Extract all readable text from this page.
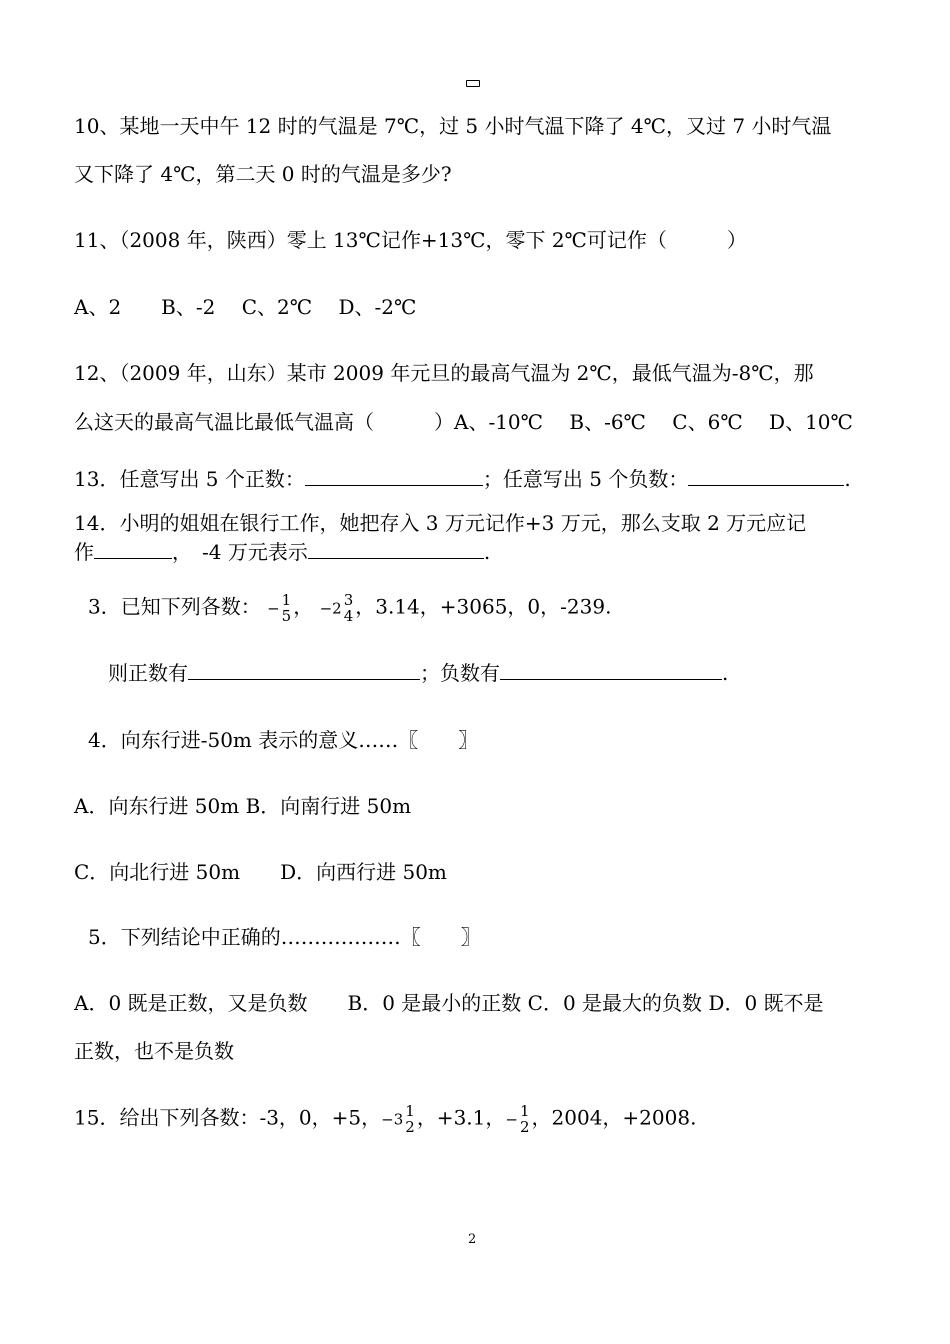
10、某地一天中午 12 时的气温是 7℃，过 5 小时气温下降了 4℃，又过 7 小时气温
又下降了 4℃，第二天 0 时的气温是多少?
11、（2008 年，陕西）零上 13℃记作+13℃，零下 2℃可记作（　　　）
A、2　　B、-2　 C、2℃　 D、-2℃
12、（2009 年，山东）某市 2009 年元旦的最高气温为 2℃，最低气温为-8℃，那
么这天的最高气温比最低气温高（　　　）A、-10℃　 B、-6℃　 C、6℃　 D、10℃
13．任意写出 5 个正数：	；任意写出 5 个负数：	.
14．小明的姐姐在银行工作，她把存入 3 万元记作+3 万元，那么支取 2 万元应记
作	，　-4 万元表示	.
3．已知下列各数： − 1
5 ， −2 3
4 ，3.14，+3065，0，-239.
则正数有	；负数有	.
4．向东行进-50m 表示的意义……〖　　〗
A．向东行进 50m B．向南行进 50m
C．向北行进 50m　　D．向西行进 50m
5．下列结论中正确的………………〖　　〗
A．0 既是正数，又是负数　　B．0 是最小的正数 C．0 是最大的负数 D．0 既不是
正数，也不是负数
15．给出下列各数：-3，0，+5，−3 1
2 ，+3.1，− 1
2 ，2004，+2008.
2
